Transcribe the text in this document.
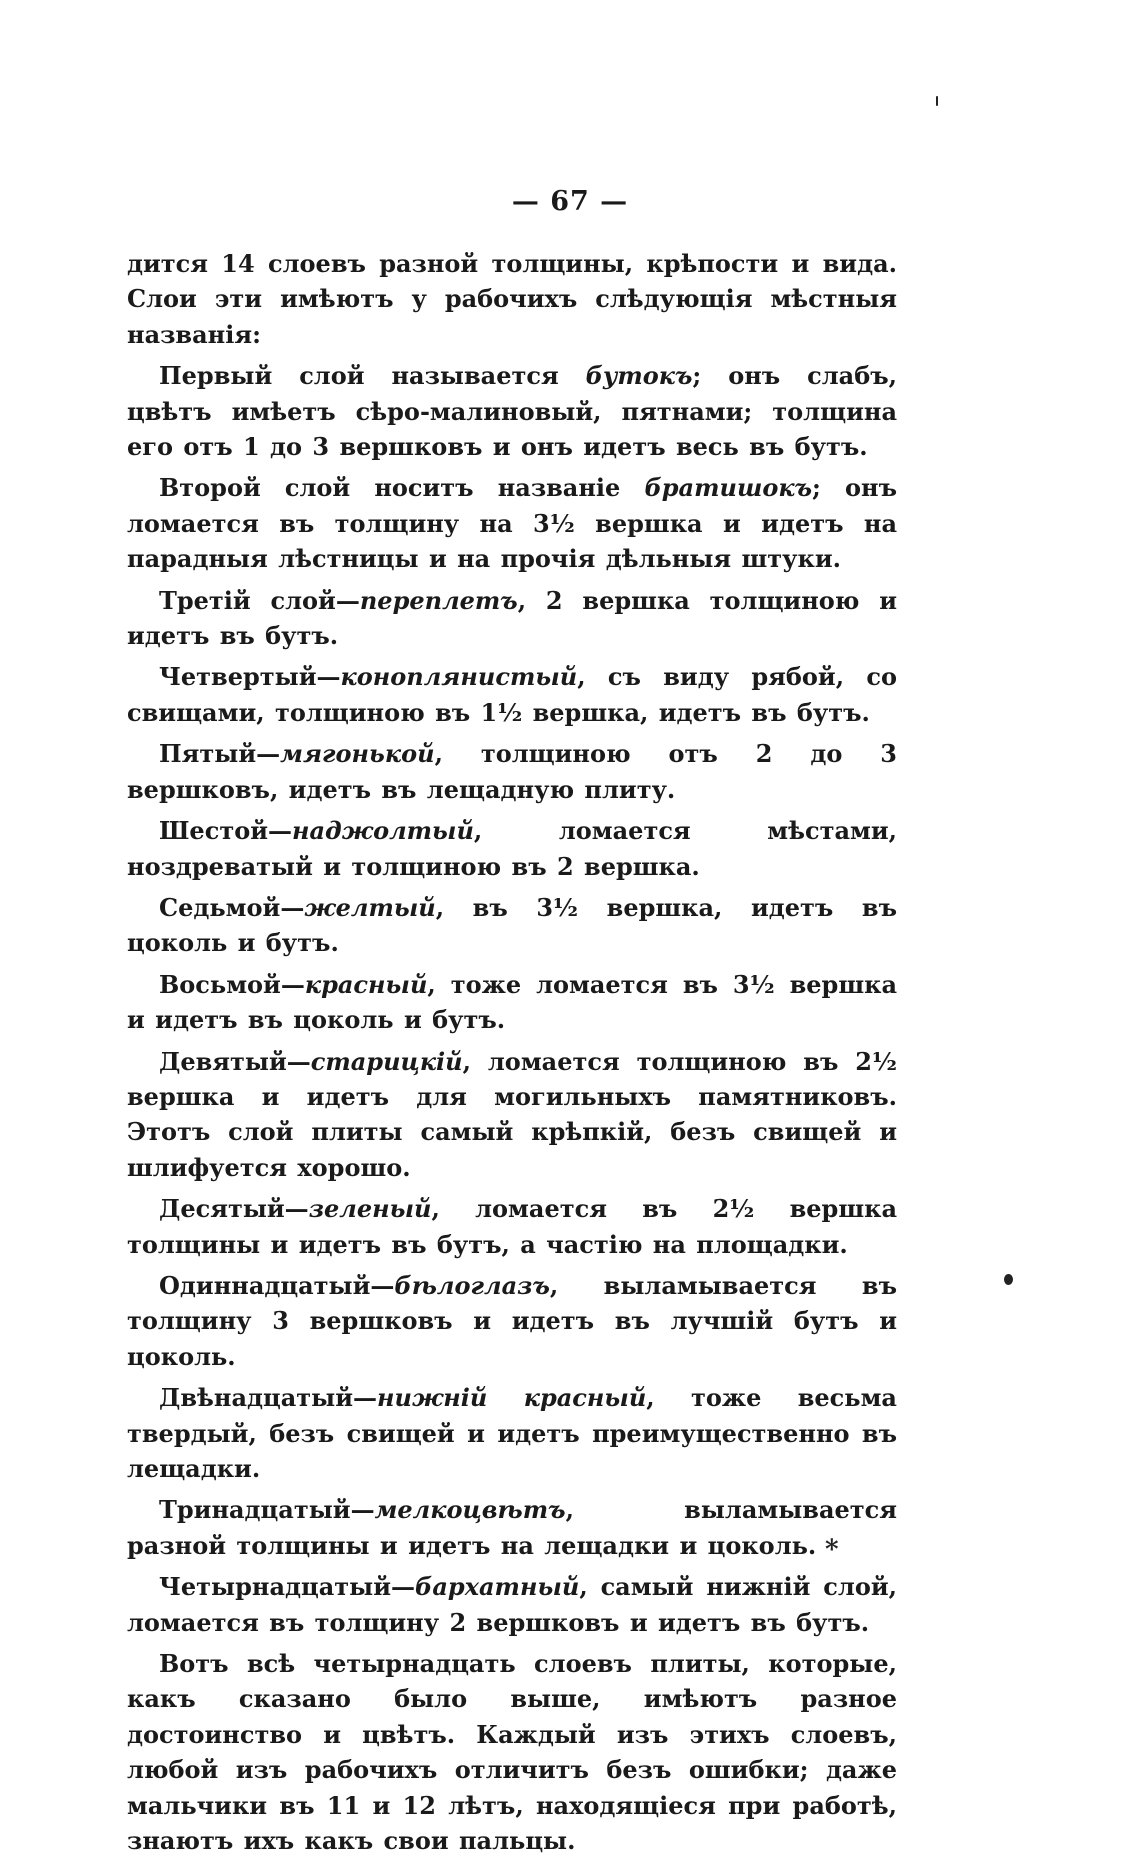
— 67 —

дится 14 слоевъ разной толщины, крѣпости и вида. Слои эти имѣютъ у рабочихъ слѣдующія мѣстныя названія:

Первый слой называется бутокъ; онъ слабъ, цвѣтъ имѣетъ сѣро-малиновый, пятнами; толщина его отъ 1 до 3 вершковъ и онъ идетъ весь въ бутъ.

Второй слой носитъ названіе братишокъ; онъ ломается въ толщину на 3½ вершка и идетъ на парадныя лѣстницы и на прочія дѣльныя штуки.

Третій слой—переплетъ, 2 вершка толщиною и идетъ въ бутъ.

Четвертый—коноплянистый, съ виду рябой, со свищами, толщиною въ 1½ вершка, идетъ въ бутъ.

Пятый—мягонькой, толщиною отъ 2 до 3 вершковъ, идетъ въ лещадную плиту.

Шестой—наджолтый, ломается мѣстами, ноздреватый и толщиною въ 2 вершка.

Седьмой—желтый, въ 3½ вершка, идетъ въ цоколь и бутъ.

Восьмой—красный, тоже ломается въ 3½ вершка и идетъ въ цоколь и бутъ.

Девятый—старицкій, ломается толщиною въ 2½ вершка и идетъ для могильныхъ памятниковъ. Этотъ слой плиты самый крѣпкій, безъ свищей и шлифуется хорошо.

Десятый—зеленый, ломается въ 2½ вершка толщины и идетъ въ бутъ, а частію на площадки.

Одиннадцатый—бѣлоглазъ, выламывается въ толщину 3 вершковъ и идетъ въ лучшій бутъ и цоколь.

Двѣнадцатый—нижній красный, тоже весьма твердый, безъ свищей и идетъ преимущественно въ лещадки.

Тринадцатый—мелкоцвѣтъ, выламывается разной толщины и идетъ на лещадки и цоколь.

Четырнадцатый—бархатный, самый нижній слой, ломается въ толщину 2 вершковъ и идетъ въ бутъ.

Вотъ всѣ четырнадцать слоевъ плиты, которые, какъ сказано было выше, имѣютъ разное достоинство и цвѣтъ. Каждый изъ этихъ слоевъ, любой изъ рабочихъ отличитъ безъ ошибки; даже мальчики въ 11 и 12 лѣтъ, находящіеся при работѣ, знаютъ ихъ какъ свои пальцы.

*
